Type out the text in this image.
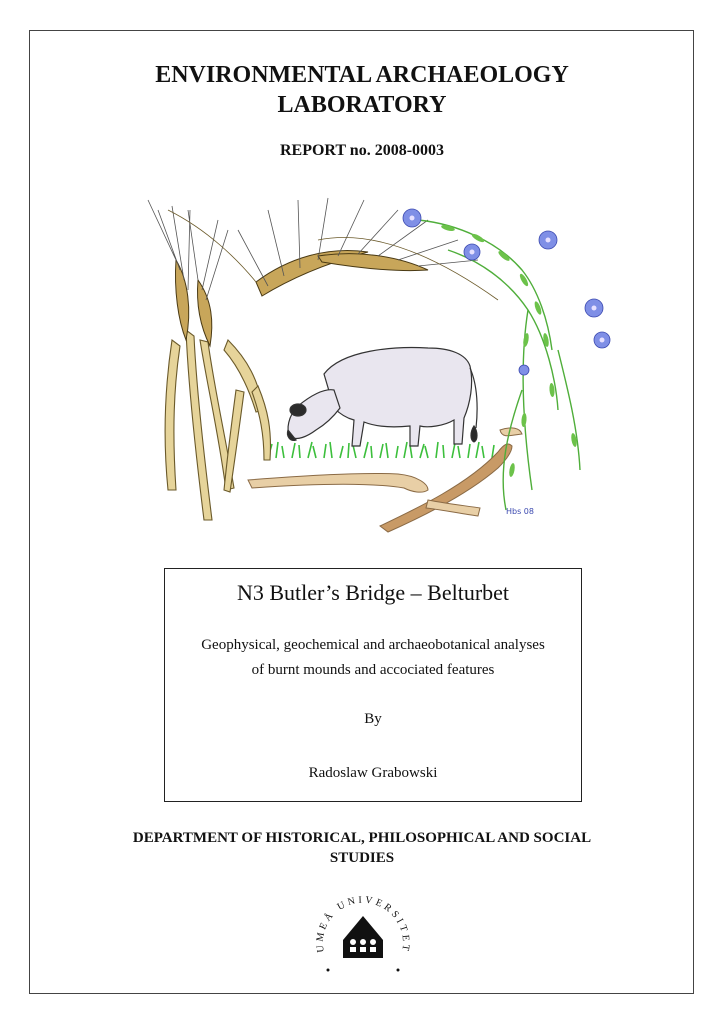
ENVIRONMENTAL ARCHAEOLOGY
LABORATORY
REPORT no. 2008-0003
Hbs 08
N3 Butler’s Bridge – Belturbet
Geophysical, geochemical and archaeobotanical analyses
of burnt mounds and accociated features
By
Radoslaw Grabowski
DEPARTMENT OF HISTORICAL, PHILOSOPHICAL AND SOCIAL
STUDIES
UMEÅ UNIVERSITET
